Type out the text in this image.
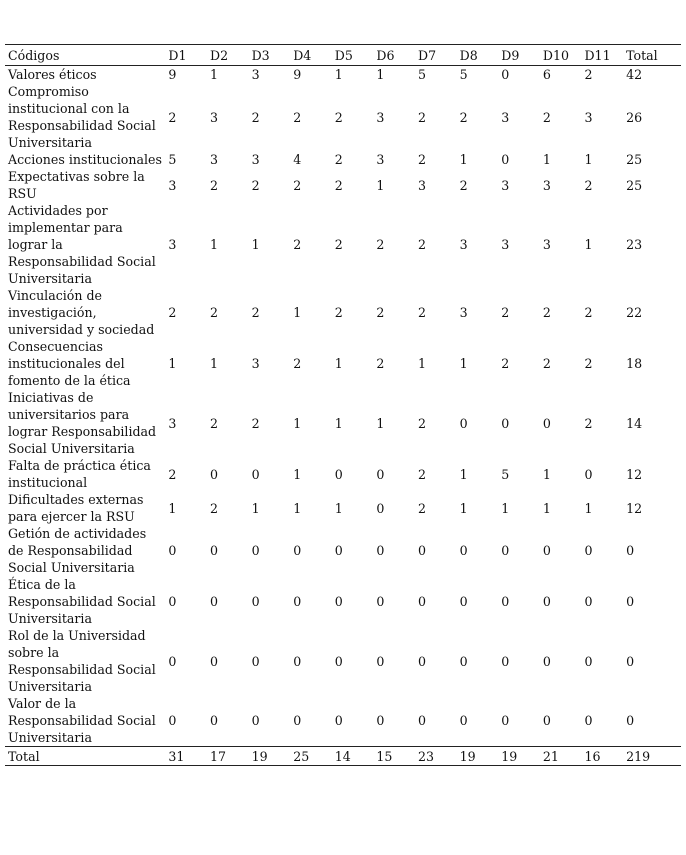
Códigos	D1	D2	D3	D4	D5	D6	D7	D8	D9	D10	D11	Total
Valores éticos	9	1	3	9	1	1	5	5	0	6	2	42
Compromiso institucional con la Responsabilidad Social Universitaria	2	3	2	2	2	3	2	2	3	2	3	26
Acciones institucionales	5	3	3	4	2	3	2	1	0	1	1	25
Expectativas sobre la RSU	3	2	2	2	2	1	3	2	3	3	2	25
Actividades por implementar para lograr la Responsabilidad Social Universitaria	3	1	1	2	2	2	2	3	3	3	1	23
Vinculación de investigación, universidad y sociedad	2	2	2	1	2	2	2	3	2	2	2	22
Consecuencias institucionales del fomento de la ética	1	1	3	2	1	2	1	1	2	2	2	18
Iniciativas de universitarios para lograr Responsabilidad Social Universitaria	3	2	2	1	1	1	2	0	0	0	2	14
Falta de práctica ética institucional	2	0	0	1	0	0	2	1	5	1	0	12
Dificultades externas para ejercer la RSU	1	2	1	1	1	0	2	1	1	1	1	12
Getión de actividades de Responsabilidad Social Universitaria	0	0	0	0	0	0	0	0	0	0	0	0
Ética de la Responsabilidad Social Universitaria	0	0	0	0	0	0	0	0	0	0	0	0
Rol de la Universidad sobre la Responsabilidad Social Universitaria	0	0	0	0	0	0	0	0	0	0	0	0
Valor de la Responsabilidad Social Universitaria	0	0	0	0	0	0	0	0	0	0	0	0
Total	31	17	19	25	14	15	23	19	19	21	16	219
